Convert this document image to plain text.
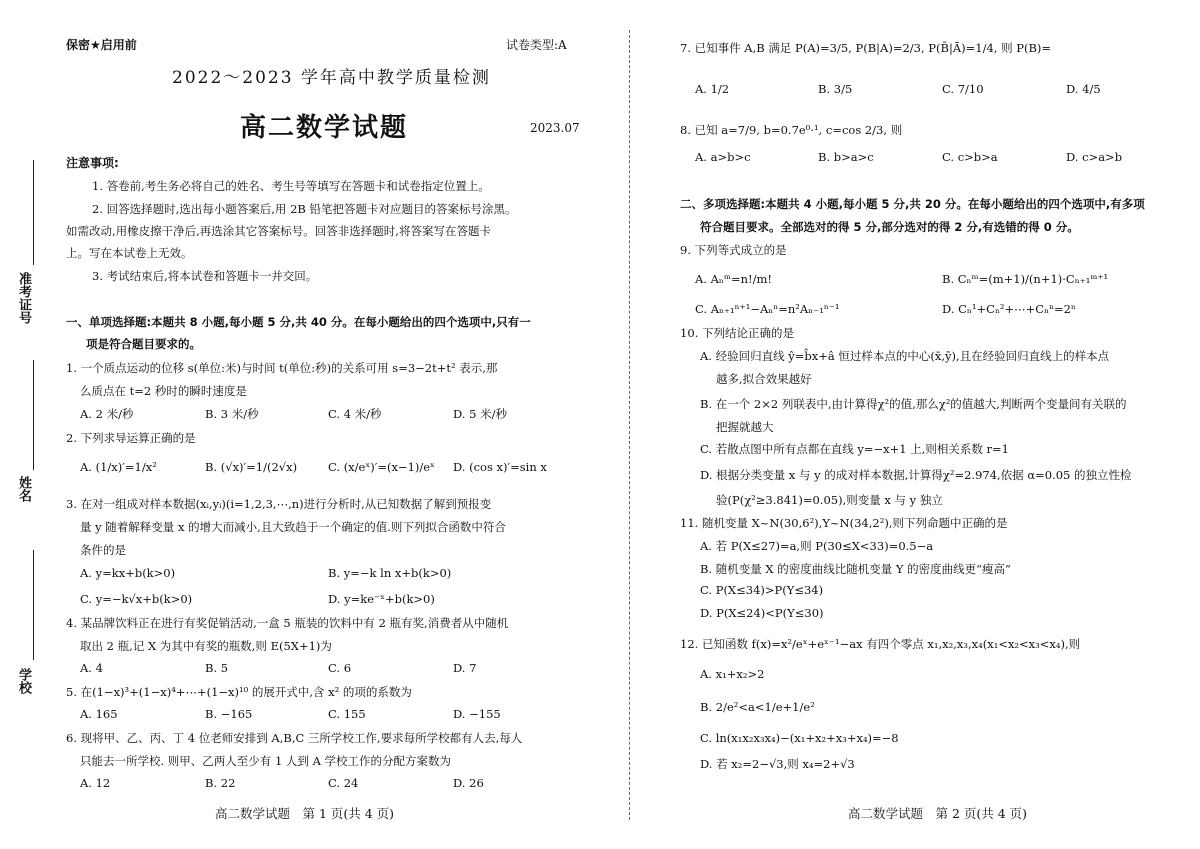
准考证号
姓名
学校
保密★启用前	试卷类型:A
2022～2023 学年高中教学质量检测
高二数学试题	2023.07
注意事项:
1. 答卷前,考生务必将自己的姓名、考生号等填写在答题卡和试卷指定位置上。
2. 回答选择题时,选出每小题答案后,用 2B 铅笔把答题卡对应题目的答案标号涂黑。
如需改动,用橡皮擦干净后,再选涂其它答案标号。回答非选择题时,将答案写在答题卡
上。写在本试卷上无效。
3. 考试结束后,将本试卷和答题卡一并交回。
一、单项选择题:本题共 8 小题,每小题 5 分,共 40 分。在每小题给出的四个选项中,只有一
项是符合题目要求的。
1. 一个质点运动的位移 s(单位:米)与时间 t(单位:秒)的关系可用 s=3−2t+t² 表示,那
么质点在 t=2 秒时的瞬时速度是
A. 2 米/秒	B. 3 米/秒	C. 4 米/秒	D. 5 米/秒
2. 下列求导运算正确的是
A. (1/x)′=1/x²	B. (√x)′=1/(2√x)	C. (x/eˣ)′=(x−1)/eˣ D. (cos x)′=sin x
3. 在对一组成对样本数据(xᵢ,yᵢ)(i=1,2,3,⋯,n)进行分析时,从已知数据了解到预报变
量 y 随着解释变量 x 的增大而减小,且大致趋于一个确定的值.则下列拟合函数中符合
条件的是
A. y=kx+b(k>0)	B. y=−k ln x+b(k>0)
C. y=−k√x+b(k>0)	D. y=ke⁻ˣ+b(k>0)
4. 某品牌饮料正在进行有奖促销活动,一盒 5 瓶装的饮料中有 2 瓶有奖,消费者从中随机
取出 2 瓶,记 X 为其中有奖的瓶数,则 E(5X+1)为
A. 4	B. 5	C. 6	D. 7
5. 在(1−x)³+(1−x)⁴+⋯+(1−x)¹⁰ 的展开式中,含 x² 的项的系数为
A. 165	B. −165	C. 155	D. −155
6. 现将甲、乙、丙、丁 4 位老师安排到 A,B,C 三所学校工作,要求每所学校都有人去,每人
只能去一所学校. 则甲、乙两人至少有 1 人到 A 学校工作的分配方案数为
A. 12	B. 22	C. 24	D. 26
高二数学试题　第 1 页(共 4 页)
7. 已知事件 A,B 满足 P(A)=3/5, P(B|A)=2/3, P(B̄|Ā)=1/4, 则 P(B)=
A. 1/2	B. 3/5	C. 7/10	D. 4/5
8. 已知 a=7/9, b=0.7e⁰·¹, c=cos 2/3, 则
A. a>b>c	B. b>a>c	C. c>b>a	D. c>a>b
二、多项选择题:本题共 4 小题,每小题 5 分,共 20 分。在每小题给出的四个选项中,有多项
符合题目要求。全部选对的得 5 分,部分选对的得 2 分,有选错的得 0 分。
9. 下列等式成立的是
A. Aₙᵐ=n!/m!	B. Cₙᵐ=(m+1)/(n+1)·Cₙ₊₁ᵐ⁺¹
C. Aₙ₊₁ⁿ⁺¹−Aₙⁿ=n²Aₙ₋₁ⁿ⁻¹	D. Cₙ¹+Cₙ²+⋯+Cₙⁿ=2ⁿ
10. 下列结论正确的是
A. 经验回归直线 ŷ=b̂x+â 恒过样本点的中心(x̄,ȳ),且在经验回归直线上的样本点
越多,拟合效果越好
B. 在一个 2×2 列联表中,由计算得χ²的值,那么χ²的值越大,判断两个变量间有关联的
把握就越大
C. 若散点图中所有点都在直线 y=−x+1 上,则相关系数 r=1
D. 根据分类变量 x 与 y 的成对样本数据,计算得χ²=2.974,依据 α=0.05 的独立性检
验(P(χ²≥3.841)=0.05),则变量 x 与 y 独立
11. 随机变量 X~N(30,6²),Y~N(34,2²),则下列命题中正确的是
A. 若 P(X≤27)=a,则 P(30≤X<33)=0.5−a
B. 随机变量 X 的密度曲线比随机变量 Y 的密度曲线更“瘦高”
C. P(X≤34)>P(Y≤34)
D. P(X≤24)<P(Y≤30)
12. 已知函数 f(x)=x²/eˣ+eˣ⁻¹−ax 有四个零点 x₁,x₂,x₃,x₄(x₁<x₂<x₃<x₄),则
A. x₁+x₂>2
B. 2/e²<a<1/e+1/e²
C. ln(x₁x₂x₃x₄)−(x₁+x₂+x₃+x₄)=−8
D. 若 x₂=2−√3,则 x₄=2+√3
高二数学试题　第 2 页(共 4 页)
